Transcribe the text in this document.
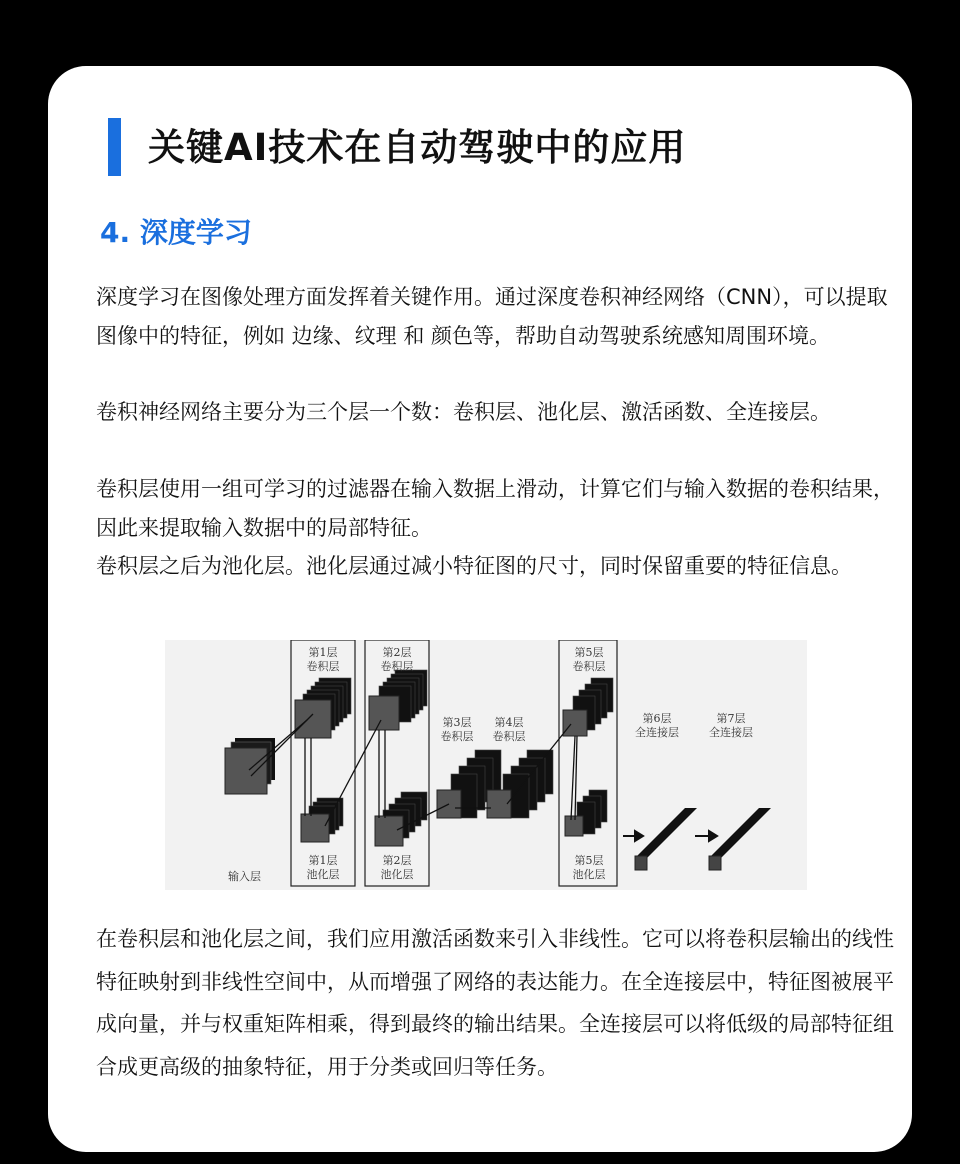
关键AI技术在自动驾驶中的应用
4. 深度学习

深度学习在图像处理方面发挥着关键作用。通过深度卷积神经网络（CNN），可以提取图像中的特征，例如 边缘、纹理 和 颜色等，帮助自动驾驶系统感知周围环境。

卷积神经网络主要分为三个层一个数：卷积层、池化层、激活函数、全连接层。

卷积层使用一组可学习的过滤器在输入数据上滑动，计算它们与输入数据的卷积结果，因此来提取输入数据中的局部特征。

卷积层之后为池化层。池化层通过减小特征图的尺寸，同时保留重要的特征信息。

输入层
第1层
卷积层
第1层
池化层
第2层
卷积层
第2层
池化层
第3层
卷积层
第4层
卷积层
第5层
卷积层
第5层
池化层
第6层
全连接层
第7层
全连接层

在卷积层和池化层之间，我们应用激活函数来引入非线性。它可以将卷积层输出的线性特征映射到非线性空间中，从而增强了网络的表达能力。在全连接层中，特征图被展平成向量，并与权重矩阵相乘，得到最终的输出结果。全连接层可以将低级的局部特征组合成更高级的抽象特征，用于分类或回归等任务。
